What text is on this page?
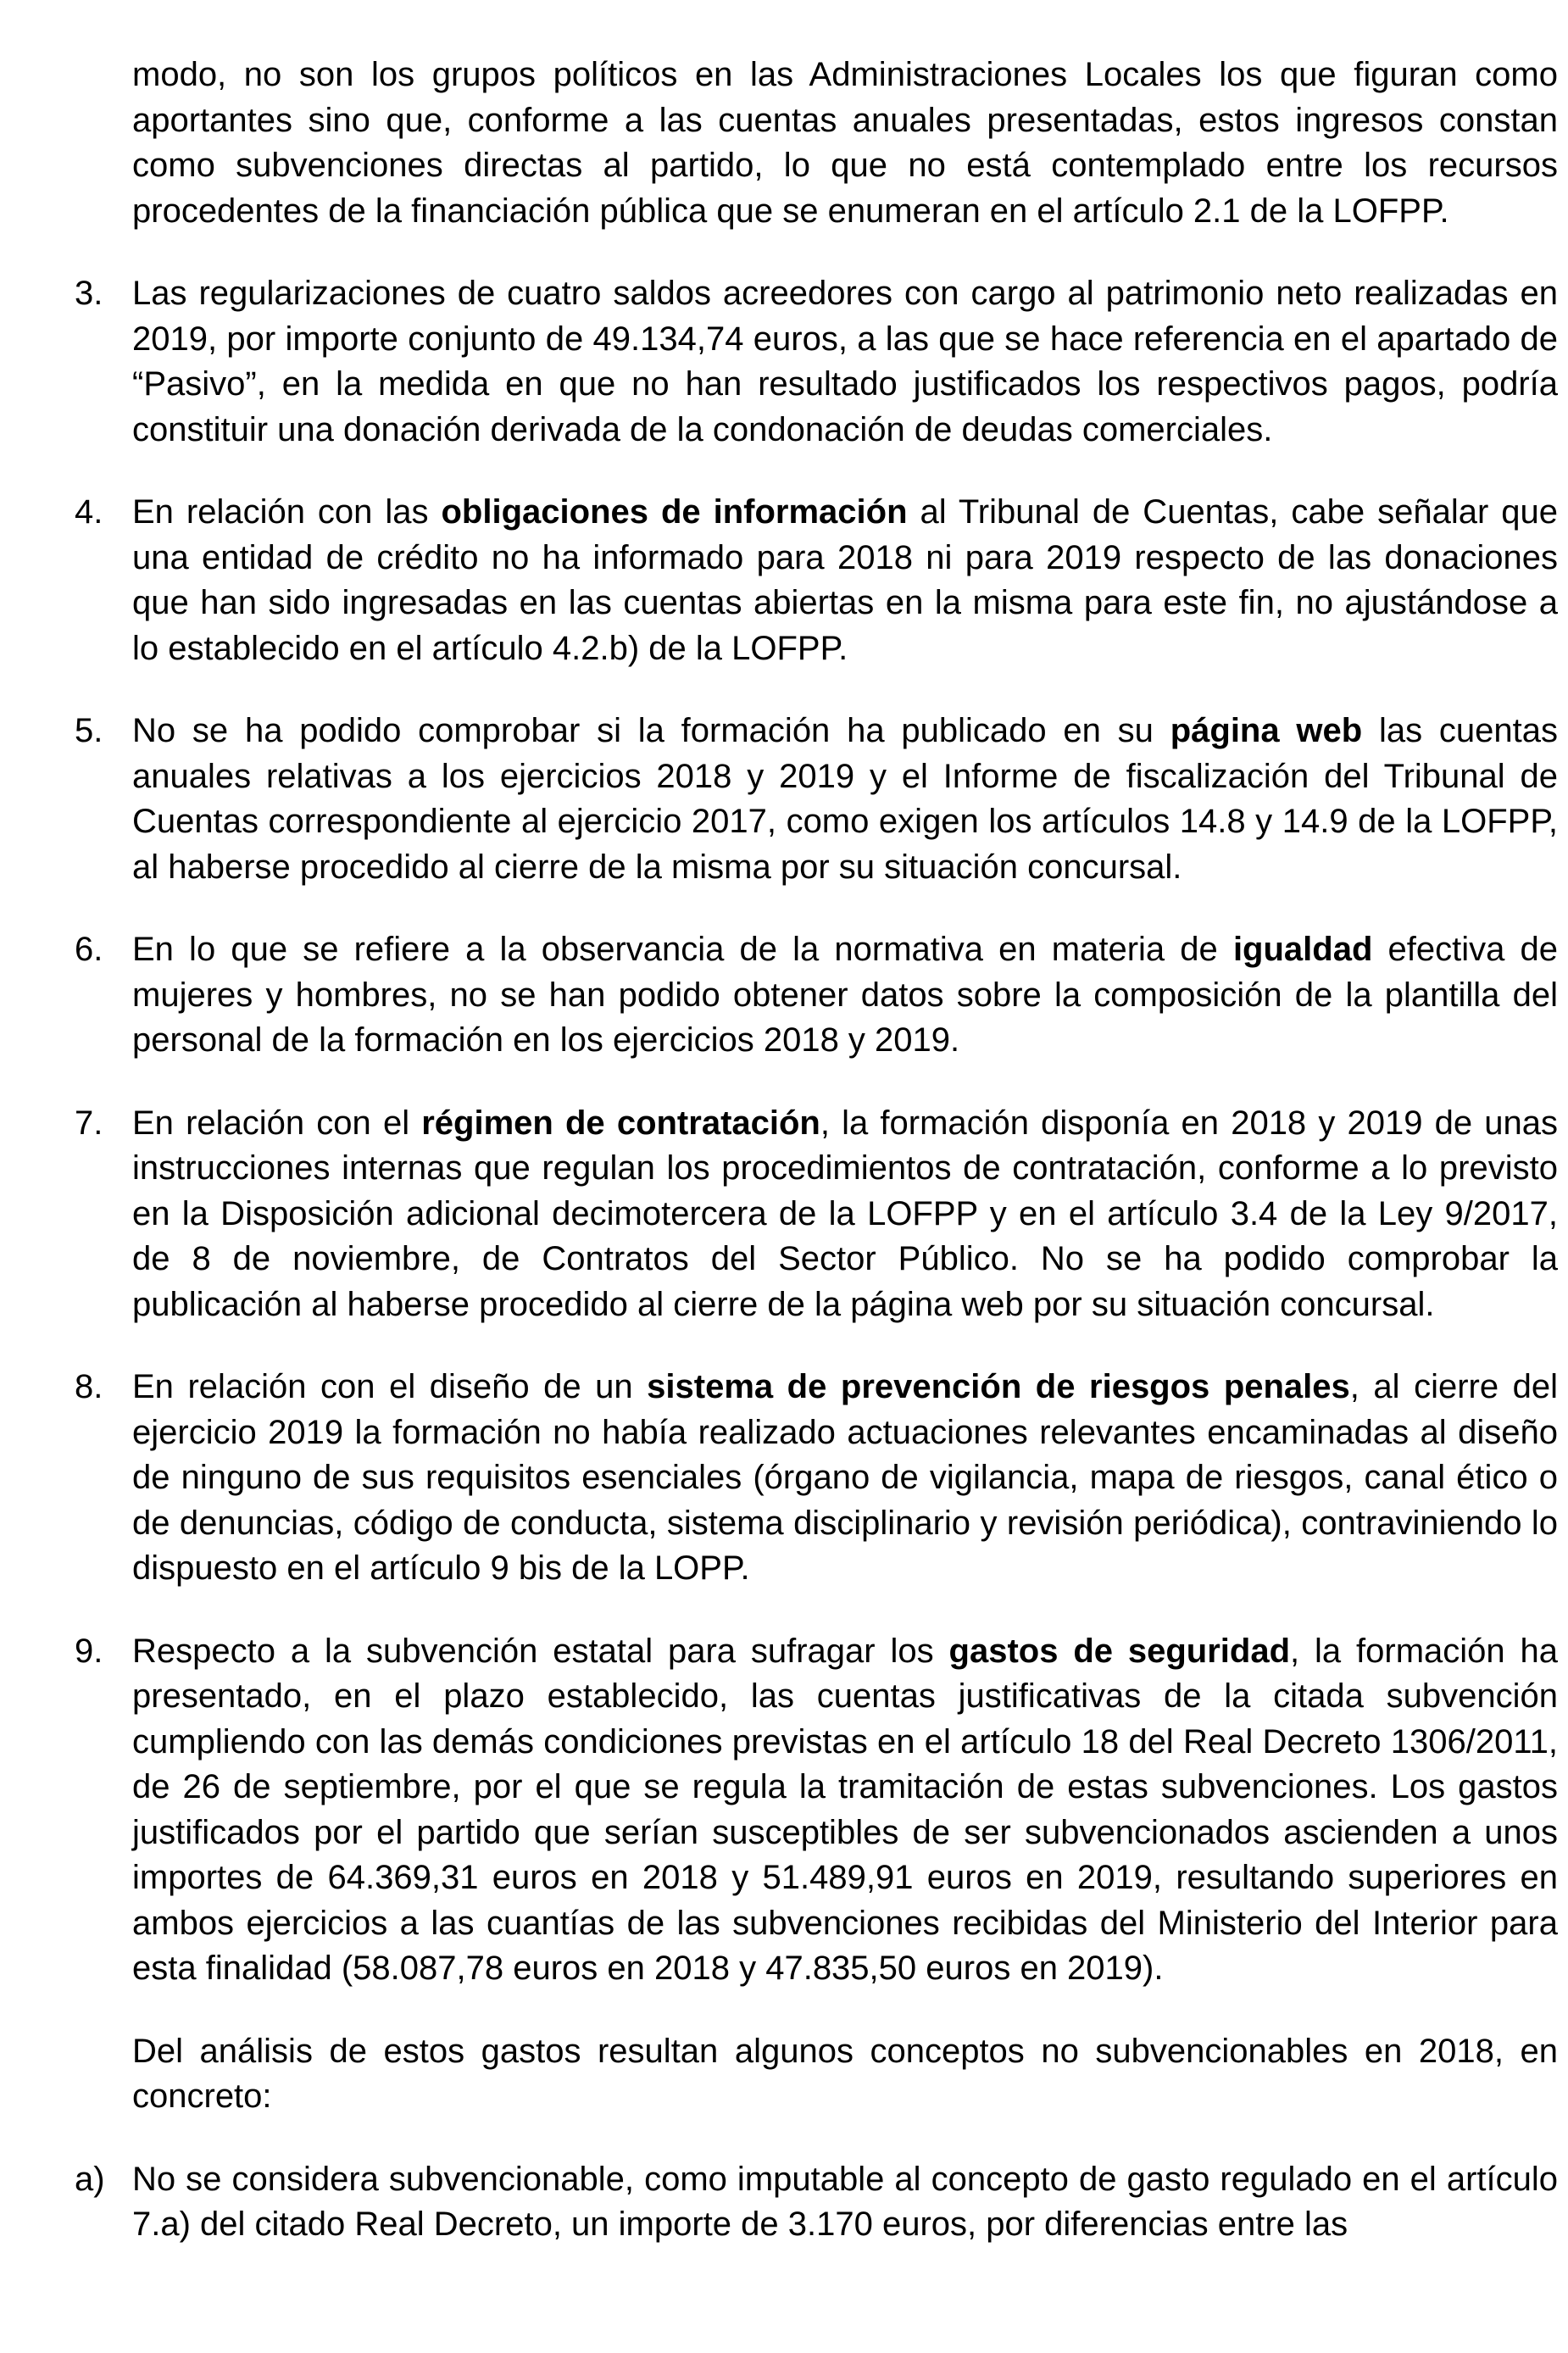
modo, no son los grupos políticos en las Administraciones Locales los que figuran como aportantes sino que, conforme a las cuentas anuales presentadas, estos ingresos constan como subvenciones directas al partido, lo que no está contemplado entre los recursos procedentes de la financiación pública que se enumeran en el artículo 2.1 de la LOFPP.

3. Las regularizaciones de cuatro saldos acreedores con cargo al patrimonio neto realizadas en 2019, por importe conjunto de 49.134,74 euros, a las que se hace referencia en el apartado de “Pasivo”, en la medida en que no han resultado justificados los respectivos pagos, podría constituir una donación derivada de la condonación de deudas comerciales.

4. En relación con las obligaciones de información al Tribunal de Cuentas, cabe señalar que una entidad de crédito no ha informado para 2018 ni para 2019 respecto de las donaciones que han sido ingresadas en las cuentas abiertas en la misma para este fin, no ajustándose a lo establecido en el artículo 4.2.b) de la LOFPP.

5. No se ha podido comprobar si la formación ha publicado en su página web las cuentas anuales relativas a los ejercicios 2018 y 2019 y el Informe de fiscalización del Tribunal de Cuentas correspondiente al ejercicio 2017, como exigen los artículos 14.8 y 14.9 de la LOFPP, al haberse procedido al cierre de la misma por su situación concursal.

6. En lo que se refiere a la observancia de la normativa en materia de igualdad efectiva de mujeres y hombres, no se han podido obtener datos sobre la composición de la plantilla del personal de la formación en los ejercicios 2018 y 2019.

7. En relación con el régimen de contratación, la formación disponía en 2018 y 2019 de unas instrucciones internas que regulan los procedimientos de contratación, conforme a lo previsto en la Disposición adicional decimotercera de la LOFPP y en el artículo 3.4 de la Ley 9/2017, de 8 de noviembre, de Contratos del Sector Público. No se ha podido comprobar la publicación al haberse procedido al cierre de la página web por su situación concursal.

8. En relación con el diseño de un sistema de prevención de riesgos penales, al cierre del ejercicio 2019 la formación no había realizado actuaciones relevantes encaminadas al diseño de ninguno de sus requisitos esenciales (órgano de vigilancia, mapa de riesgos, canal ético o de denuncias, código de conducta, sistema disciplinario y revisión periódica), contraviniendo lo dispuesto en el artículo 9 bis de la LOPP.

9. Respecto a la subvención estatal para sufragar los gastos de seguridad, la formación ha presentado, en el plazo establecido, las cuentas justificativas de la citada subvención cumpliendo con las demás condiciones previstas en el artículo 18 del Real Decreto 1306/2011, de 26 de septiembre, por el que se regula la tramitación de estas subvenciones. Los gastos justificados por el partido que serían susceptibles de ser subvencionados ascienden a unos importes de 64.369,31 euros en 2018 y 51.489,91 euros en 2019, resultando superiores en ambos ejercicios a las cuantías de las subvenciones recibidas del Ministerio del Interior para esta finalidad (58.087,78 euros en 2018 y 47.835,50 euros en 2019).

Del análisis de estos gastos resultan algunos conceptos no subvencionables en 2018, en concreto:

a) No se considera subvencionable, como imputable al concepto de gasto regulado en el artículo 7.a) del citado Real Decreto, un importe de 3.170 euros, por diferencias entre las
